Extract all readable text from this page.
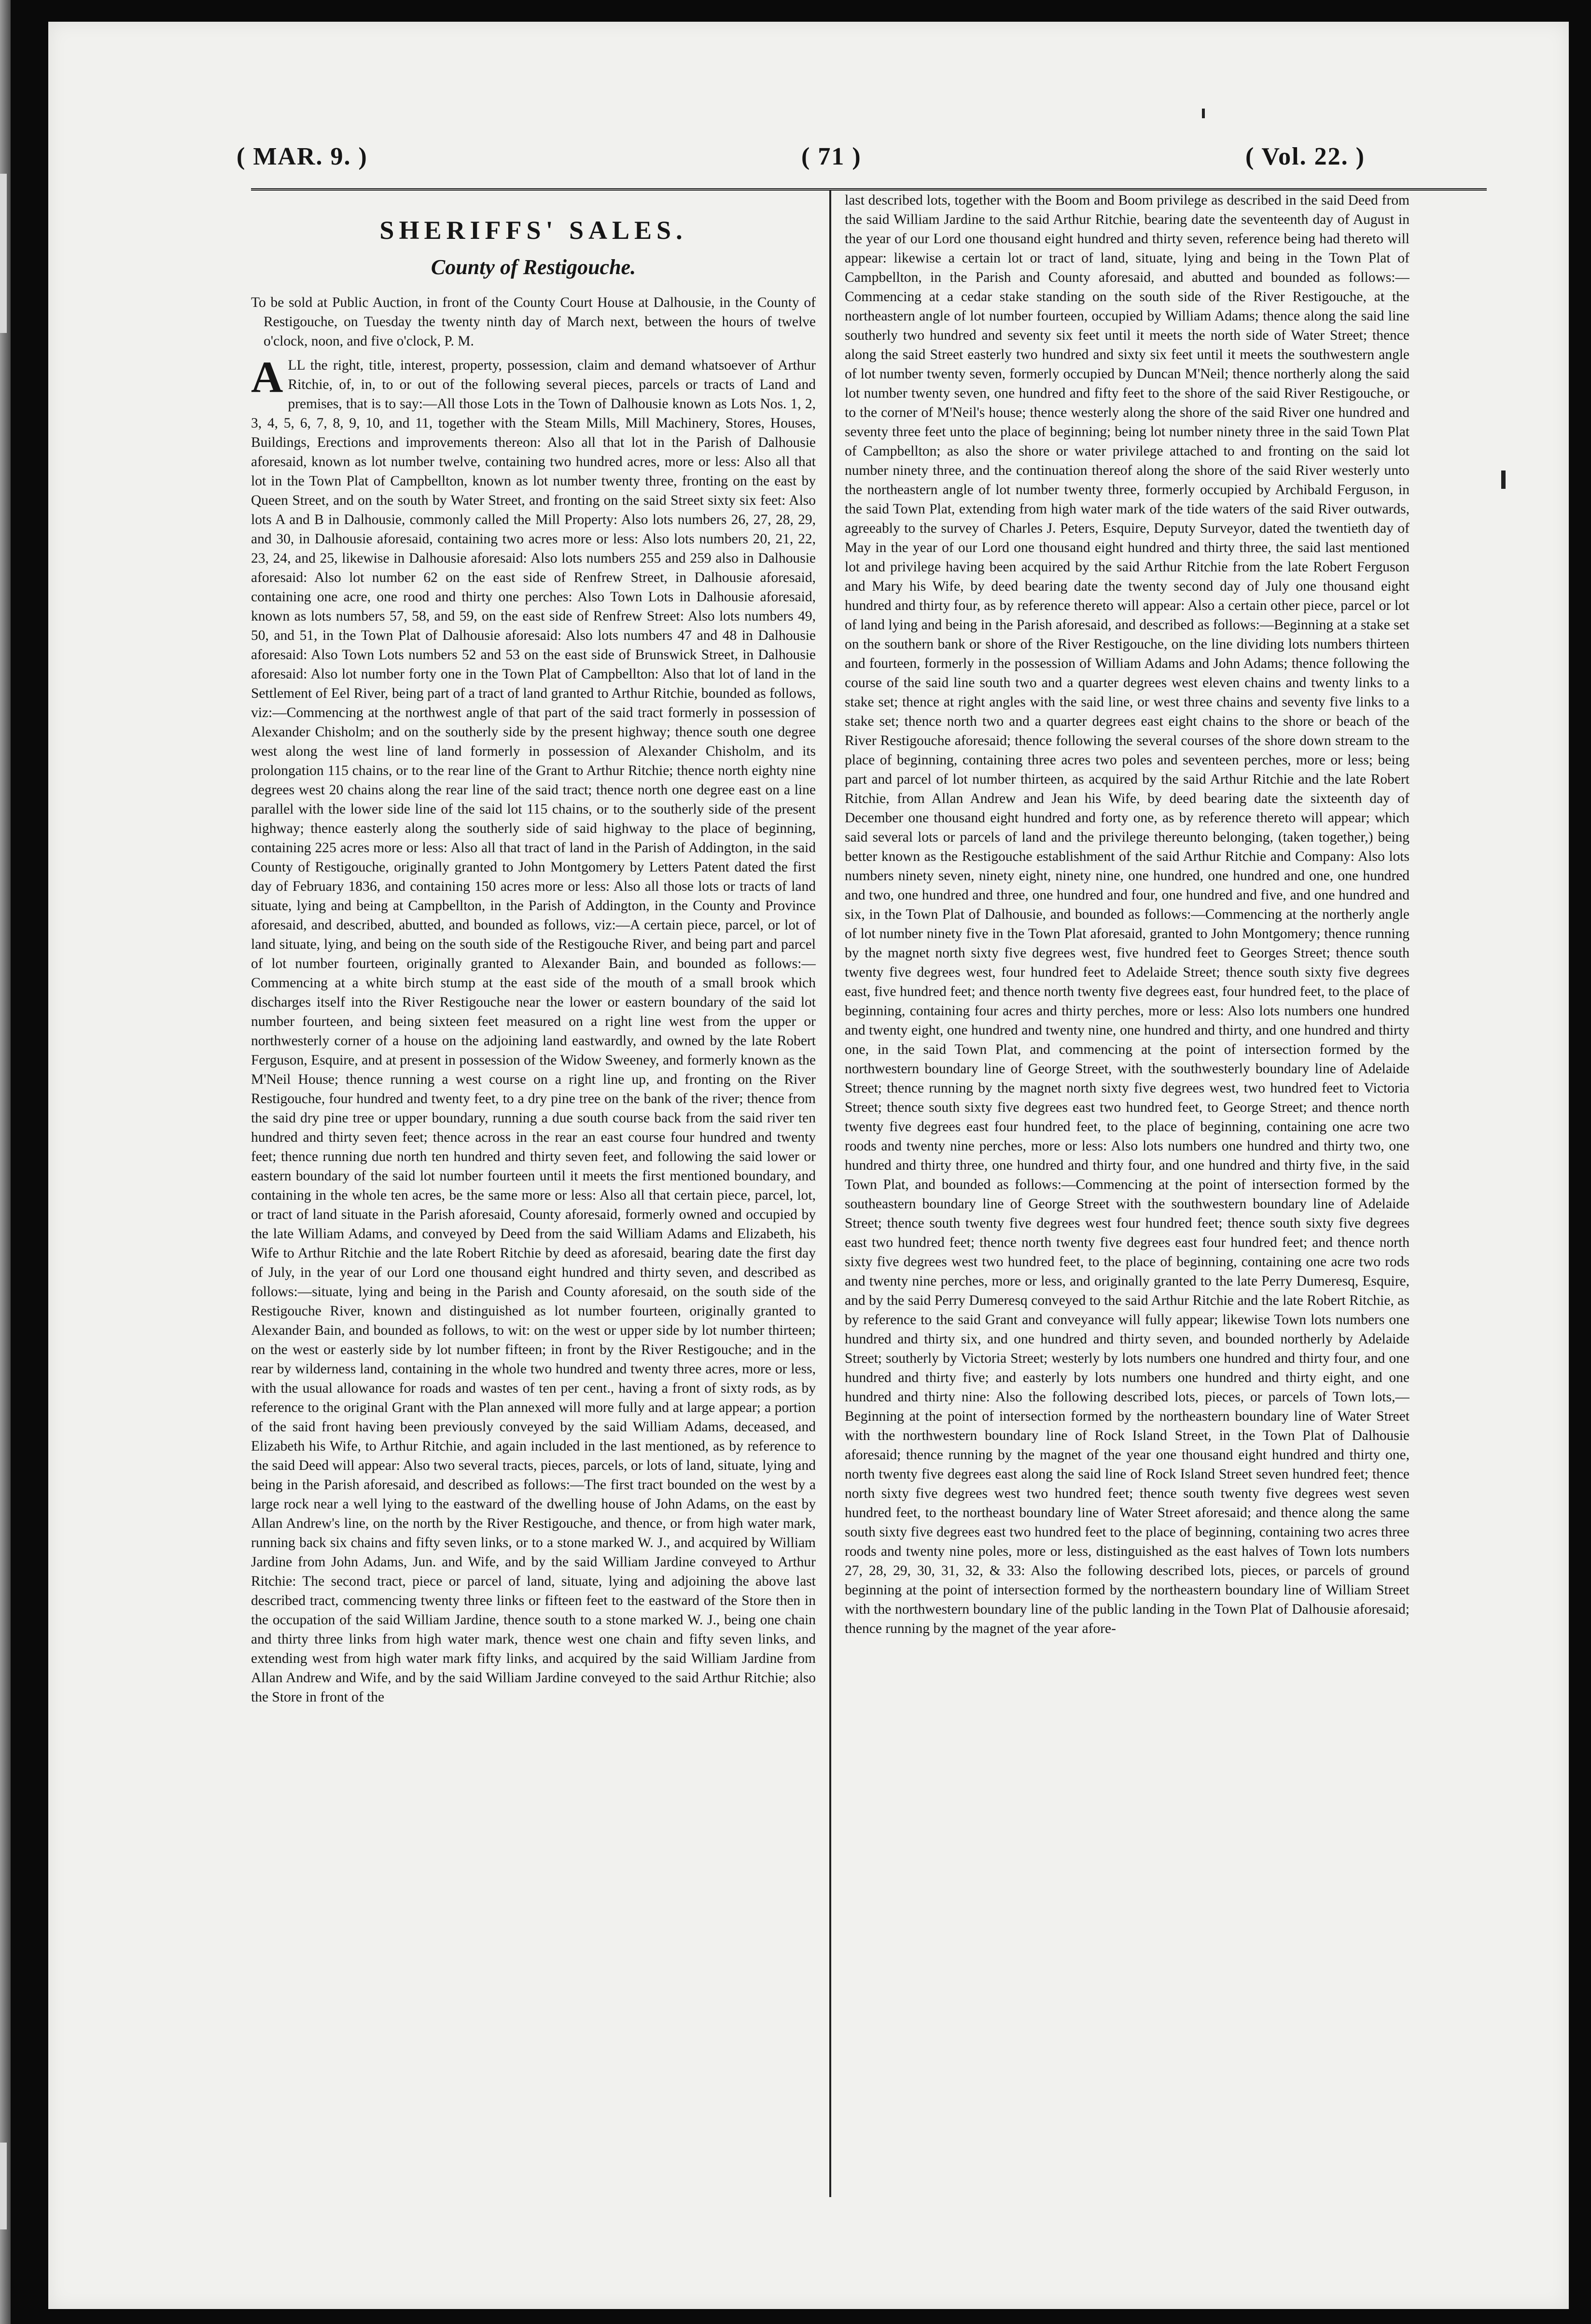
( MAR. 9. )	( 71 )	( Vol. 22. )
SHERIFFS' SALES.
County of Restigouche.

To be sold at Public Auction, in front of the County Court House at Dalhousie, in the County of Restigouche, on Tuesday the twenty ninth day of March next, between the hours of twelve o'clock, noon, and five o'clock, P. M.

ALL the right, title, interest, property, possession, claim and demand whatsoever of Arthur Ritchie, of, in, to or out of the following several pieces, parcels or tracts of Land and premises, that is to say:—All those Lots in the Town of Dalhousie known as Lots Nos. 1, 2, 3, 4, 5, 6, 7, 8, 9, 10, and 11, together with the Steam Mills, Mill Machinery, Stores, Houses, Buildings, Erections and improvements thereon: Also all that lot in the Parish of Dalhousie aforesaid, known as lot number twelve, containing two hundred acres, more or less: Also all that lot in the Town Plat of Campbellton, known as lot number twenty three, fronting on the east by Queen Street, and on the south by Water Street, and fronting on the said Street sixty six feet: Also lots A and B in Dalhousie, commonly called the Mill Property: Also lots numbers 26, 27, 28, 29, and 30, in Dalhousie aforesaid, containing two acres more or less: Also lots numbers 20, 21, 22, 23, 24, and 25, likewise in Dalhousie aforesaid: Also lots numbers 255 and 259 also in Dalhousie aforesaid: Also lot number 62 on the east side of Renfrew Street, in Dalhousie aforesaid, containing one acre, one rood and thirty one perches: Also Town Lots in Dalhousie aforesaid, known as lots numbers 57, 58, and 59, on the east side of Renfrew Street: Also lots numbers 49, 50, and 51, in the Town Plat of Dalhousie aforesaid: Also lots numbers 47 and 48 in Dalhousie aforesaid: Also Town Lots numbers 52 and 53 on the east side of Brunswick Street, in Dalhousie aforesaid: Also lot number forty one in the Town Plat of Campbellton: Also that lot of land in the Settlement of Eel River, being part of a tract of land granted to Arthur Ritchie, bounded as follows, viz:—Commencing at the northwest angle of that part of the said tract formerly in possession of Alexander Chisholm; and on the southerly side by the present highway; thence south one degree west along the west line of land formerly in possession of Alexander Chisholm, and its prolongation 115 chains, or to the rear line of the Grant to Arthur Ritchie; thence north eighty nine degrees west 20 chains along the rear line of the said tract; thence north one degree east on a line parallel with the lower side line of the said lot 115 chains, or to the southerly side of the present highway; thence easterly along the southerly side of said highway to the place of beginning, containing 225 acres more or less: Also all that tract of land in the Parish of Addington, in the said County of Restigouche, originally granted to John Montgomery by Letters Patent dated the first day of February 1836, and containing 150 acres more or less: Also all those lots or tracts of land situate, lying and being at Campbellton, in the Parish of Addington, in the County and Province aforesaid, and described, abutted, and bounded as follows, viz:—A certain piece, parcel, or lot of land situate, lying, and being on the south side of the Restigouche River, and being part and parcel of lot number fourteen, originally granted to Alexander Bain, and bounded as follows:—Commencing at a white birch stump at the east side of the mouth of a small brook which discharges itself into the River Restigouche near the lower or eastern boundary of the said lot number fourteen, and being sixteen feet measured on a right line west from the upper or northwesterly corner of a house on the adjoining land eastwardly, and owned by the late Robert Ferguson, Esquire, and at present in possession of the Widow Sweeney, and formerly known as the M'Neil House; thence running a west course on a right line up, and fronting on the River Restigouche, four hundred and twenty feet, to a dry pine tree on the bank of the river; thence from the said dry pine tree or upper boundary, running a due south course back from the said river ten hundred and thirty seven feet; thence across in the rear an east course four hundred and twenty feet; thence running due north ten hundred and thirty seven feet, and following the said lower or eastern boundary of the said lot number fourteen until it meets the first mentioned boundary, and containing in the whole ten acres, be the same more or less: Also all that certain piece, parcel, lot, or tract of land situate in the Parish aforesaid, County aforesaid, formerly owned and occupied by the late William Adams, and conveyed by Deed from the said William Adams and Elizabeth, his Wife to Arthur Ritchie and the late Robert Ritchie by deed as aforesaid, bearing date the first day of July, in the year of our Lord one thousand eight hundred and thirty seven, and described as follows:—situate, lying and being in the Parish and County aforesaid, on the south side of the Restigouche River, known and distinguished as lot number fourteen, originally granted to Alexander Bain, and bounded as follows, to wit: on the west or upper side by lot number thirteen; on the west or easterly side by lot number fifteen; in front by the River Restigouche; and in the rear by wilderness land, containing in the whole two hundred and twenty three acres, more or less, with the usual allowance for roads and wastes of ten per cent., having a front of sixty rods, as by reference to the original Grant with the Plan annexed will more fully and at large appear; a portion of the said front having been previously conveyed by the said William Adams, deceased, and Elizabeth his Wife, to Arthur Ritchie, and again included in the last mentioned, as by reference to the said Deed will appear: Also two several tracts, pieces, parcels, or lots of land, situate, lying and being in the Parish aforesaid, and described as follows:—The first tract bounded on the west by a large rock near a well lying to the eastward of the dwelling house of John Adams, on the east by Allan Andrew's line, on the north by the River Restigouche, and thence, or from high water mark, running back six chains and fifty seven links, or to a stone marked W. J., and acquired by William Jardine from John Adams, Jun. and Wife, and by the said William Jardine conveyed to Arthur Ritchie: The second tract, piece or parcel of land, situate, lying and adjoining the above last described tract, commencing twenty three links or fifteen feet to the eastward of the Store then in the occupation of the said William Jardine, thence south to a stone marked W. J., being one chain and thirty three links from high water mark, thence west one chain and fifty seven links, and extending west from high water mark fifty links, and acquired by the said William Jardine from Allan Andrew and Wife, and by the said William Jardine conveyed to the said Arthur Ritchie; also the Store in front of the

last described lots, together with the Boom and Boom privilege as described in the said Deed from the said William Jardine to the said Arthur Ritchie, bearing date the seventeenth day of August in the year of our Lord one thousand eight hundred and thirty seven, reference being had thereto will appear: likewise a certain lot or tract of land, situate, lying and being in the Town Plat of Campbellton, in the Parish and County aforesaid, and abutted and bounded as follows:—Commencing at a cedar stake standing on the south side of the River Restigouche, at the northeastern angle of lot number fourteen, occupied by William Adams; thence along the said line southerly two hundred and seventy six feet until it meets the north side of Water Street; thence along the said Street easterly two hundred and sixty six feet until it meets the southwestern angle of lot number twenty seven, formerly occupied by Duncan M'Neil; thence northerly along the said lot number twenty seven, one hundred and fifty feet to the shore of the said River Restigouche, or to the corner of M'Neil's house; thence westerly along the shore of the said River one hundred and seventy three feet unto the place of beginning; being lot number ninety three in the said Town Plat of Campbellton; as also the shore or water privilege attached to and fronting on the said lot number ninety three, and the continuation thereof along the shore of the said River westerly unto the northeastern angle of lot number twenty three, formerly occupied by Archibald Ferguson, in the said Town Plat, extending from high water mark of the tide waters of the said River outwards, agreeably to the survey of Charles J. Peters, Esquire, Deputy Surveyor, dated the twentieth day of May in the year of our Lord one thousand eight hundred and thirty three, the said last mentioned lot and privilege having been acquired by the said Arthur Ritchie from the late Robert Ferguson and Mary his Wife, by deed bearing date the twenty second day of July one thousand eight hundred and thirty four, as by reference thereto will appear: Also a certain other piece, parcel or lot of land lying and being in the Parish aforesaid, and described as follows:—Beginning at a stake set on the southern bank or shore of the River Restigouche, on the line dividing lots numbers thirteen and fourteen, formerly in the possession of William Adams and John Adams; thence following the course of the said line south two and a quarter degrees west eleven chains and twenty links to a stake set; thence at right angles with the said line, or west three chains and seventy five links to a stake set; thence north two and a quarter degrees east eight chains to the shore or beach of the River Restigouche aforesaid; thence following the several courses of the shore down stream to the place of beginning, containing three acres two poles and seventeen perches, more or less; being part and parcel of lot number thirteen, as acquired by the said Arthur Ritchie and the late Robert Ritchie, from Allan Andrew and Jean his Wife, by deed bearing date the sixteenth day of December one thousand eight hundred and forty one, as by reference thereto will appear; which said several lots or parcels of land and the privilege thereunto belonging, (taken together,) being better known as the Restigouche establishment of the said Arthur Ritchie and Company: Also lots numbers ninety seven, ninety eight, ninety nine, one hundred, one hundred and one, one hundred and two, one hundred and three, one hundred and four, one hundred and five, and one hundred and six, in the Town Plat of Dalhousie, and bounded as follows:—Commencing at the northerly angle of lot number ninety five in the Town Plat aforesaid, granted to John Montgomery; thence running by the magnet north sixty five degrees west, five hundred feet to Georges Street; thence south twenty five degrees west, four hundred feet to Adelaide Street; thence south sixty five degrees east, five hundred feet; and thence north twenty five degrees east, four hundred feet, to the place of beginning, containing four acres and thirty perches, more or less: Also lots numbers one hundred and twenty eight, one hundred and twenty nine, one hundred and thirty, and one hundred and thirty one, in the said Town Plat, and commencing at the point of intersection formed by the northwestern boundary line of George Street, with the southwesterly boundary line of Adelaide Street; thence running by the magnet north sixty five degrees west, two hundred feet to Victoria Street; thence south sixty five degrees east two hundred feet, to George Street; and thence north twenty five degrees east four hundred feet, to the place of beginning, containing one acre two roods and twenty nine perches, more or less: Also lots numbers one hundred and thirty two, one hundred and thirty three, one hundred and thirty four, and one hundred and thirty five, in the said Town Plat, and bounded as follows:—Commencing at the point of intersection formed by the southeastern boundary line of George Street with the southwestern boundary line of Adelaide Street; thence south twenty five degrees west four hundred feet; thence south sixty five degrees east two hundred feet; thence north twenty five degrees east four hundred feet; and thence north sixty five degrees west two hundred feet, to the place of beginning, containing one acre two rods and twenty nine perches, more or less, and originally granted to the late Perry Dumeresq, Esquire, and by the said Perry Dumeresq conveyed to the said Arthur Ritchie and the late Robert Ritchie, as by reference to the said Grant and conveyance will fully appear; likewise Town lots numbers one hundred and thirty six, and one hundred and thirty seven, and bounded northerly by Adelaide Street; southerly by Victoria Street; westerly by lots numbers one hundred and thirty four, and one hundred and thirty five; and easterly by lots numbers one hundred and thirty eight, and one hundred and thirty nine: Also the following described lots, pieces, or parcels of Town lots,—Beginning at the point of intersection formed by the northeastern boundary line of Water Street with the northwestern boundary line of Rock Island Street, in the Town Plat of Dalhousie aforesaid; thence running by the magnet of the year one thousand eight hundred and thirty one, north twenty five degrees east along the said line of Rock Island Street seven hundred feet; thence north sixty five degrees west two hundred feet; thence south twenty five degrees west seven hundred feet, to the northeast boundary line of Water Street aforesaid; and thence along the same south sixty five degrees east two hundred feet to the place of beginning, containing two acres three roods and twenty nine poles, more or less, distinguished as the east halves of Town lots numbers 27, 28, 29, 30, 31, 32, & 33: Also the following described lots, pieces, or parcels of ground beginning at the point of intersection formed by the northeastern boundary line of William Street with the northwestern boundary line of the public landing in the Town Plat of Dalhousie aforesaid; thence running by the magnet of the year afore-
